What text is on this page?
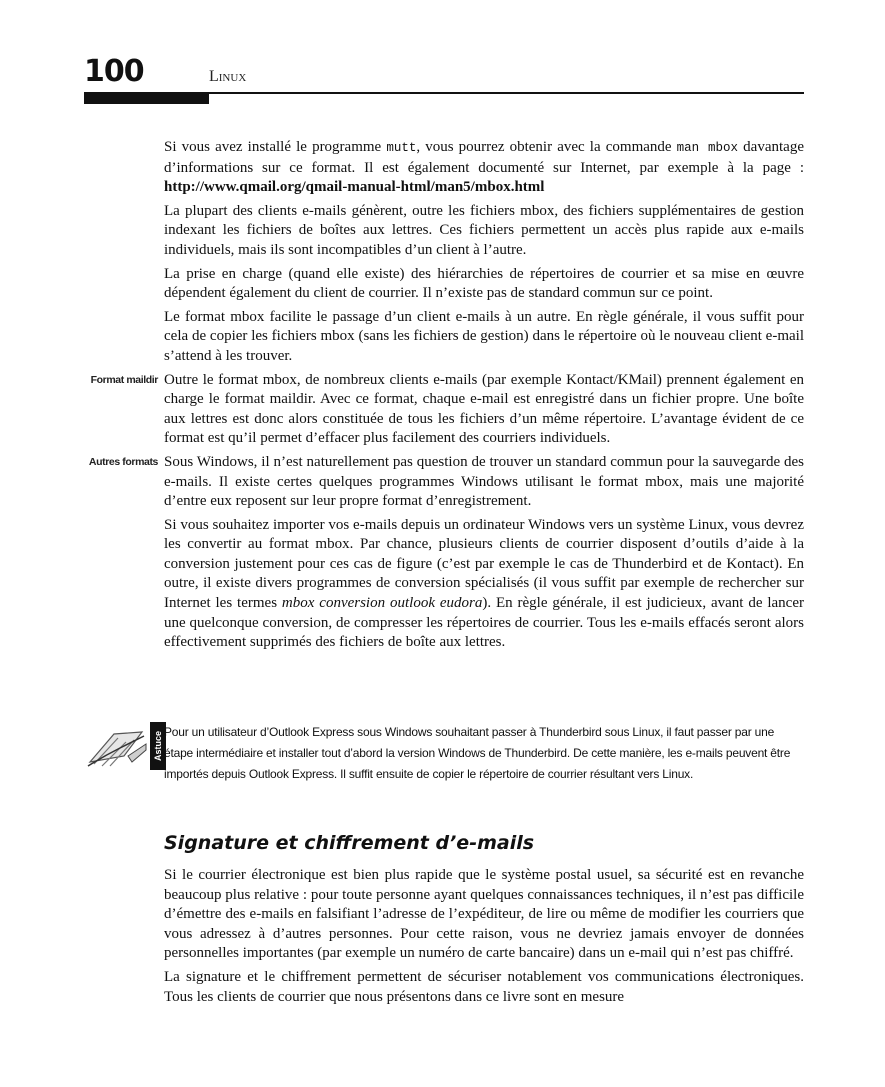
100	Linux

Si vous avez installé le programme mutt, vous pourrez obtenir avec la commande man mbox davantage d’informations sur ce format. Il est également documenté sur Internet, par exemple à la page : http://www.qmail.org/qmail-manual-html/man5/mbox.html

La plupart des clients e-mails génèrent, outre les fichiers mbox, des fichiers supplémentaires de gestion indexant les fichiers de boîtes aux lettres. Ces fichiers permettent un accès plus rapide aux e-mails individuels, mais ils sont incompatibles d’un client à l’autre.

La prise en charge (quand elle existe) des hiérarchies de répertoires de courrier et sa mise en œuvre dépendent également du client de courrier. Il n’existe pas de standard commun sur ce point.

Le format mbox facilite le passage d’un client e-mails à un autre. En règle générale, il vous suffit pour cela de copier les fichiers mbox (sans les fichiers de gestion) dans le répertoire où le nouveau client e-mail s’attend à les trouver.

Format maildir Outre le format mbox, de nombreux clients e-mails (par exemple Kontact/KMail) prennent également en charge le format maildir. Avec ce format, chaque e-mail est enregistré dans un fichier propre. Une boîte aux lettres est donc alors constituée de tous les fichiers d’un même répertoire. L’avantage évident de ce format est qu’il permet d’effacer plus facilement des courriers individuels.

Autres formats Sous Windows, il n’est naturellement pas question de trouver un standard commun pour la sauvegarde des e-mails. Il existe certes quelques programmes Windows utilisant le format mbox, mais une majorité d’entre eux reposent sur leur propre format d’enregistrement.

Si vous souhaitez importer vos e-mails depuis un ordinateur Windows vers un système Linux, vous devrez les convertir au format mbox. Par chance, plusieurs clients de courrier disposent d’outils d’aide à la conversion justement pour ces cas de figure (c’est par exemple le cas de Thunderbird et de Kontact). En outre, il existe divers programmes de conversion spécialisés (il vous suffit par exemple de rechercher sur Internet les termes mbox conversion outlook eudora). En règle générale, il est judicieux, avant de lancer une quelconque conversion, de compresser les répertoires de courrier. Tous les e-mails effacés seront alors effectivement supprimés des fichiers de boîte aux lettres.

Astuce Pour un utilisateur d’Outlook Express sous Windows souhaitant passer à Thunderbird sous Linux, il faut passer par une étape intermédiaire et installer tout d’abord la version Windows de Thunderbird. De cette manière, les e-mails peuvent être importés depuis Outlook Express. Il suffit ensuite de copier le répertoire de courrier résultant vers Linux.
Signature et chiffrement d’e-mails

Si le courrier électronique est bien plus rapide que le système postal usuel, sa sécurité est en revanche beaucoup plus relative : pour toute personne ayant quelques connaissances techniques, il n’est pas difficile d’émettre des e-mails en falsifiant l’adresse de l’expéditeur, de lire ou même de modifier les courriers que vous adressez à d’autres personnes. Pour cette raison, vous ne devriez jamais envoyer de données personnelles importantes (par exemple un numéro de carte bancaire) dans un e-mail qui n’est pas chiffré.

La signature et le chiffrement permettent de sécuriser notablement vos communications électroniques. Tous les clients de courrier que nous présentons dans ce livre sont en mesure
